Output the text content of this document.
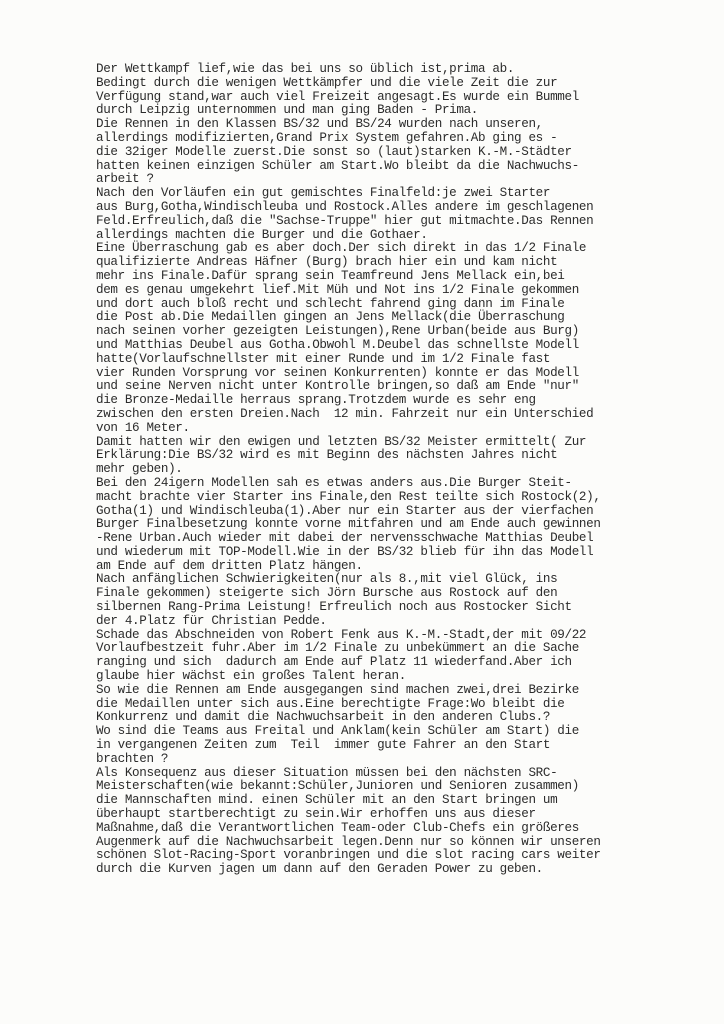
Der Wettkampf lief,wie das bei uns so üblich ist,prima ab.
Bedingt durch die wenigen Wettkämpfer und die viele Zeit die zur
Verfügung stand,war auch viel Freizeit angesagt.Es wurde ein Bummel
durch Leipzig unternommen und man ging Baden - Prima.
Die Rennen in den Klassen BS/32 und BS/24 wurden nach unseren,
allerdings modifizierten,Grand Prix System gefahren.Ab ging es -
die 32iger Modelle zuerst.Die sonst so (laut)starken K.-M.-Städter
hatten keinen einzigen Schüler am Start.Wo bleibt da die Nachwuchs-
arbeit ?
Nach den Vorläufen ein gut gemischtes Finalfeld:je zwei Starter
aus Burg,Gotha,Windischleuba und Rostock.Alles andere im geschlagenen
Feld.Erfreulich,daß die "Sachse-Truppe" hier gut mitmachte.Das Rennen
allerdings machten die Burger und die Gothaer.
Eine Überraschung gab es aber doch.Der sich direkt in das 1/2 Finale
qualifizierte Andreas Häfner (Burg) brach hier ein und kam nicht
mehr ins Finale.Dafür sprang sein Teamfreund Jens Mellack ein,bei
dem es genau umgekehrt lief.Mit Müh und Not ins 1/2 Finale gekommen
und dort auch bloß recht und schlecht fahrend ging dann im Finale
die Post ab.Die Medaillen gingen an Jens Mellack(die Überraschung
nach seinen vorher gezeigten Leistungen),Rene Urban(beide aus Burg)
und Matthias Deubel aus Gotha.Obwohl M.Deubel das schnellste Modell
hatte(Vorlaufschnellster mit einer Runde und im 1/2 Finale fast
vier Runden Vorsprung vor seinen Konkurrenten) konnte er das Modell
und seine Nerven nicht unter Kontrolle bringen,so daß am Ende "nur"
die Bronze-Medaille herraus sprang.Trotzdem wurde es sehr eng
zwischen den ersten Dreien.Nach  12 min. Fahrzeit nur ein Unterschied
von 16 Meter.
Damit hatten wir den ewigen und letzten BS/32 Meister ermittelt( Zur
Erklärung:Die BS/32 wird es mit Beginn des nächsten Jahres nicht
mehr geben).
Bei den 24igern Modellen sah es etwas anders aus.Die Burger Steit-
macht brachte vier Starter ins Finale,den Rest teilte sich Rostock(2),
Gotha(1) und Windischleuba(1).Aber nur ein Starter aus der vierfachen
Burger Finalbesetzung konnte vorne mitfahren und am Ende auch gewinnen
-Rene Urban.Auch wieder mit dabei der nervensschwache Matthias Deubel
und wiederum mit TOP-Modell.Wie in der BS/32 blieb für ihn das Modell
am Ende auf dem dritten Platz hängen.
Nach anfänglichen Schwierigkeiten(nur als 8.,mit viel Glück, ins
Finale gekommen) steigerte sich Jörn Bursche aus Rostock auf den
silbernen Rang-Prima Leistung! Erfreulich noch aus Rostocker Sicht
der 4.Platz für Christian Pedde.
Schade das Abschneiden von Robert Fenk aus K.-M.-Stadt,der mit 09/22
Vorlaufbestzeit fuhr.Aber im 1/2 Finale zu unbekümmert an die Sache
ranging und sich  dadurch am Ende auf Platz 11 wiederfand.Aber ich
glaube hier wächst ein großes Talent heran.
So wie die Rennen am Ende ausgegangen sind machen zwei,drei Bezirke
die Medaillen unter sich aus.Eine berechtigte Frage:Wo bleibt die
Konkurrenz und damit die Nachwuchsarbeit in den anderen Clubs.?
Wo sind die Teams aus Freital und Anklam(kein Schüler am Start) die
in vergangenen Zeiten zum  Teil  immer gute Fahrer an den Start
brachten ?
Als Konsequenz aus dieser Situation müssen bei den nächsten SRC-
Meisterschaften(wie bekannt:Schüler,Junioren und Senioren zusammen)
die Mannschaften mind. einen Schüler mit an den Start bringen um
überhaupt startberechtigt zu sein.Wir erhoffen uns aus dieser
Maßnahme,daß die Verantwortlichen Team-oder Club-Chefs ein größeres
Augenmerk auf die Nachwuchsarbeit legen.Denn nur so können wir unseren
schönen Slot-Racing-Sport voranbringen und die slot racing cars weiter
durch die Kurven jagen um dann auf den Geraden Power zu geben.
